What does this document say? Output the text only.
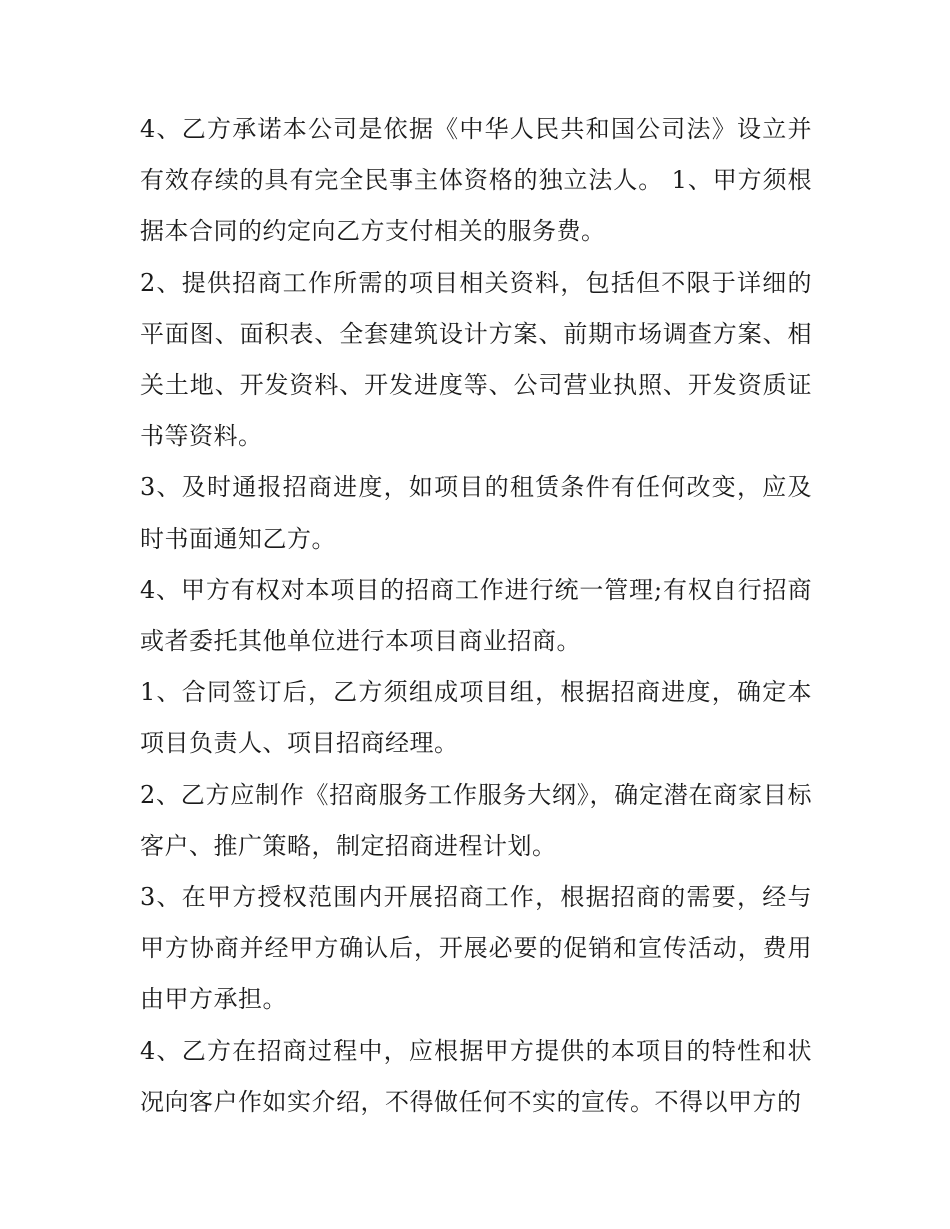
4、乙方承诺本公司是依据《中华人民共和国公司法》设立并有效存续的具有完全民事主体资格的独立法人。 1、甲方须根据本合同的约定向乙方支付相关的服务费。

2、提供招商工作所需的项目相关资料，包括但不限于详细的平面图、面积表、全套建筑设计方案、前期市场调查方案、相关土地、开发资料、开发进度等、公司营业执照、开发资质证书等资料。

3、及时通报招商进度，如项目的租赁条件有任何改变，应及时书面通知乙方。

4、甲方有权对本项目的招商工作进行统一管理;有权自行招商或者委托其他单位进行本项目商业招商。

1、合同签订后，乙方须组成项目组，根据招商进度，确定本项目负责人、项目招商经理。

2、乙方应制作《招商服务工作服务大纲》，确定潜在商家目标客户、推广策略，制定招商进程计划。

3、在甲方授权范围内开展招商工作，根据招商的需要，经与甲方协商并经甲方确认后，开展必要的促销和宣传活动，费用由甲方承担。

4、乙方在招商过程中，应根据甲方提供的本项目的特性和状况向客户作如实介绍，不得做任何不实的宣传。不得以甲方的
